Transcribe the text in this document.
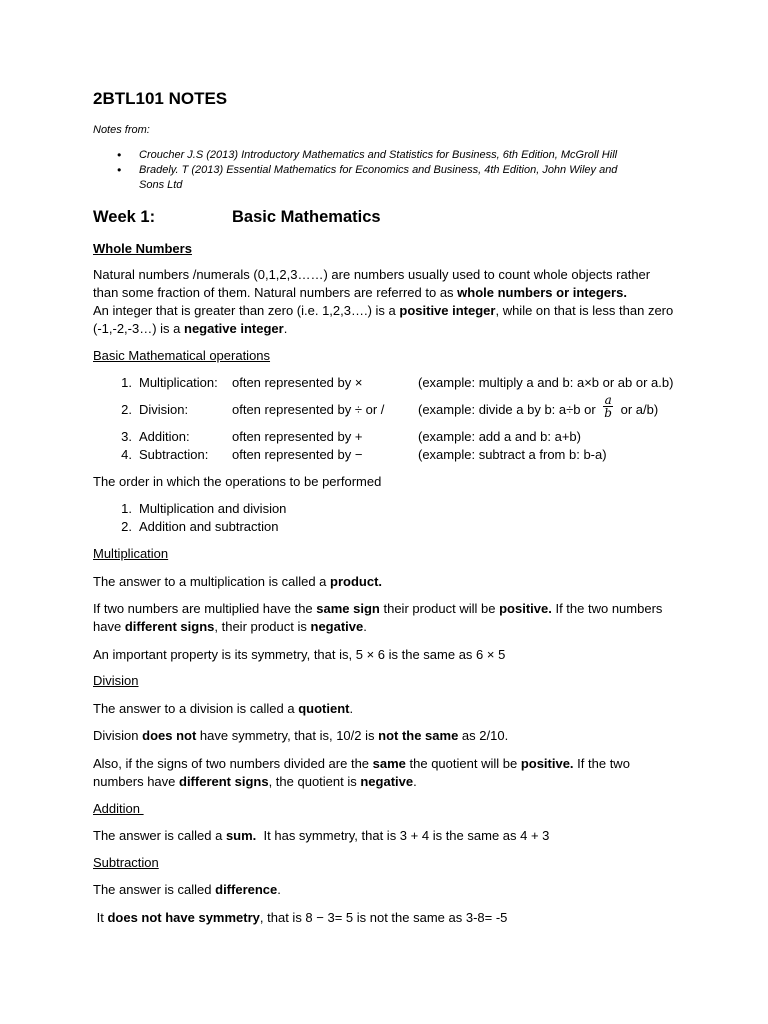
2BTL101 NOTES
Notes from:
• Croucher J.S (2013) Introductory Mathematics and Statistics for Business, 6th Edition, McGroll Hill
• Bradely. T (2013) Essential Mathematics for Economics and Business, 4th Edition, John Wiley and
Sons Ltd
Week 1:	Basic Mathematics
Whole Numbers
Natural numbers /numerals (0,1,2,3……) are numbers usually used to count whole objects rather
than some fraction of them. Natural numbers are referred to as whole numbers or integers.
An integer that is greater than zero (i.e. 1,2,3….) is a positive integer, while on that is less than zero
(-1,-2,-3…) is a negative integer.
Basic Mathematical operations
1. Multiplication: often represented by ×	(example: multiply a and b: a×b or ab or a.b)
2. Division:	often represented by ÷ or /	(example: divide a by b: a÷b or $\frac{a}{b}$ or a/b)
3. Addition:	often represented by +	(example: add a and b: a+b)
4. Subtraction: often represented by −	(example: subtract a from b: b-a)
The order in which the operations to be performed
1. Multiplication and division
2. Addition and subtraction
Multiplication
The answer to a multiplication is called a product.
If two numbers are multiplied have the same sign their product will be positive. If the two numbers
have different signs, their product is negative.
An important property is its symmetry, that is, 5 × 6 is the same as 6 × 5
Division
The answer to a division is called a quotient.
Division does not have symmetry, that is, 10/2 is not the same as 2/10.
Also, if the signs of two numbers divided are the same the quotient will be positive. If the two
numbers have different signs, the quotient is negative.
Addition
The answer is called a sum.  It has symmetry, that is 3 + 4 is the same as 4 + 3
Subtraction
The answer is called difference.
It does not have symmetry, that is 8 − 3= 5 is not the same as 3-8= -5
